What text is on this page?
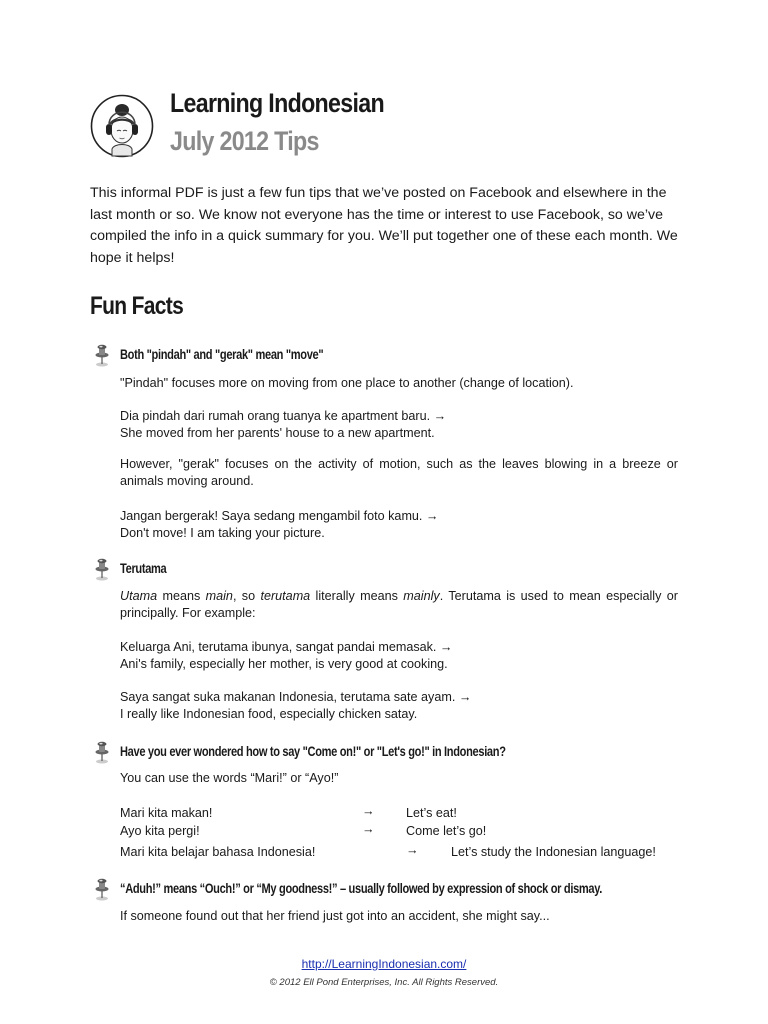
Learning Indonesian
July 2012 Tips

This informal PDF is just a few fun tips that we’ve posted on Facebook and elsewhere in the last month or so. We know not everyone has the time or interest to use Facebook, so we’ve compiled the info in a quick summary for you. We’ll put together one of these each month. We hope it helps!

Fun Facts
Both "pindah" and "gerak" mean "move"

"Pindah" focuses more on moving from one place to another (change of location).

Dia pindah dari rumah orang tuanya ke apartment baru. →
She moved from her parents' house to a new apartment.

However, "gerak" focuses on the activity of motion, such as the leaves blowing in a breeze or animals moving around.

Jangan bergerak! Saya sedang mengambil foto kamu. →
Don't move! I am taking your picture.

Terutama

Utama means main, so terutama literally means mainly. Terutama is used to mean especially or principally. For example:

Keluarga Ani, terutama ibunya, sangat pandai memasak. →
Ani's family, especially her mother, is very good at cooking.

Saya sangat suka makanan Indonesia, terutama sate ayam. →
I really like Indonesian food, especially chicken satay.

Have you ever wondered how to say "Come on!" or "Let's go!" in Indonesian?

You can use the words “Mari!” or “Ayo!”

Mari kita makan!	→ Let’s eat!
Ayo kita pergi!	→ Come let’s go!
Mari kita belajar bahasa Indonesia!	→	Let’s study the Indonesian language!
“Aduh!” means “Ouch!” or “My goodness!” – usually followed by expression of shock or dismay.

If someone found out that her friend just got into an accident, she might say...

http://LearningIndonesian.com/
© 2012 Ell Pond Enterprises, Inc. All Rights Reserved.
